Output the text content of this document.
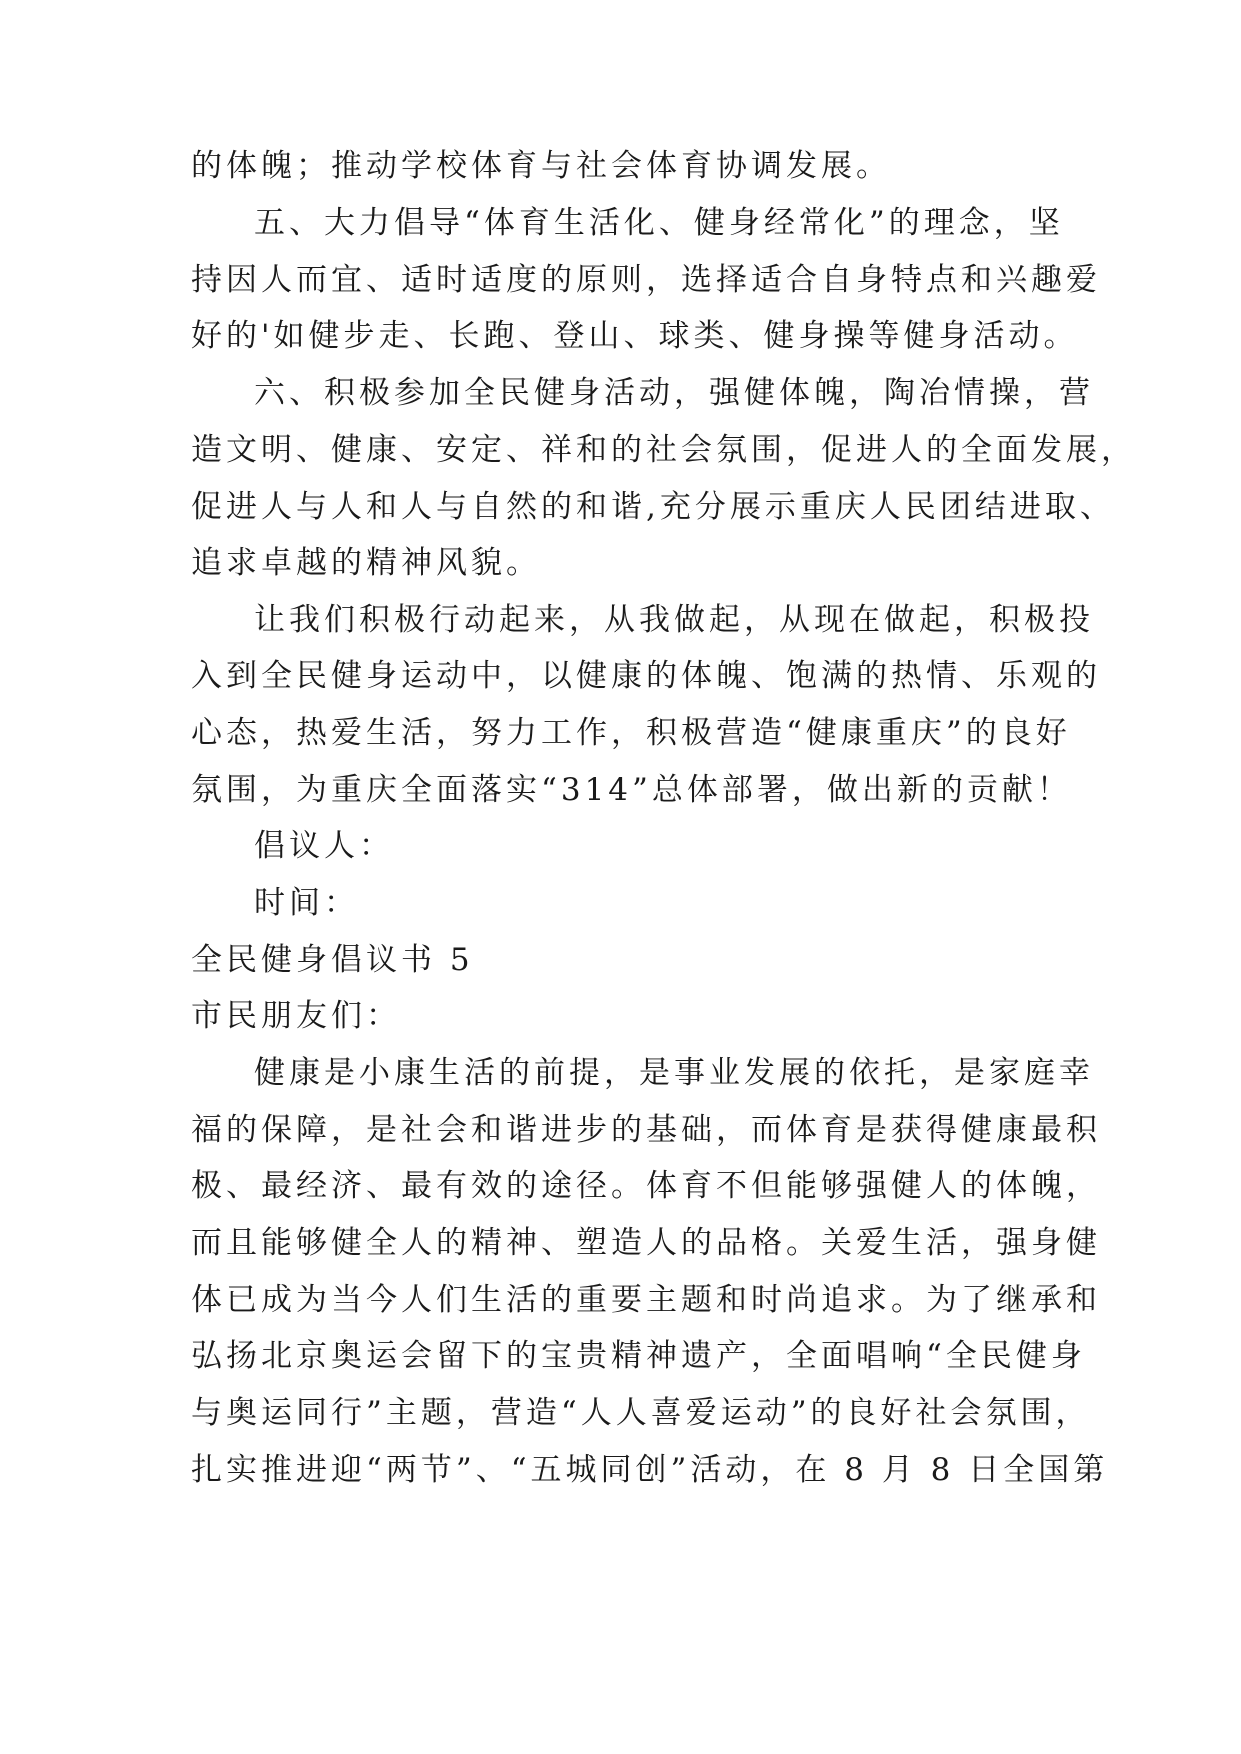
的体魄；推动学校体育与社会体育协调发展。
五、大力倡导“体育生活化、健身经常化”的理念，坚
持因人而宜、适时适度的原则，选择适合自身特点和兴趣爱
好的'如健步走、长跑、登山、球类、健身操等健身活动。
六、积极参加全民健身活动，强健体魄，陶冶情操，营
造文明、健康、安定、祥和的社会氛围，促进人的全面发展，
促进人与人和人与自然的和谐,充分展示重庆人民团结进取、
追求卓越的精神风貌。
让我们积极行动起来，从我做起，从现在做起，积极投
入到全民健身运动中，以健康的体魄、饱满的热情、乐观的
心态，热爱生活，努力工作，积极营造“健康重庆”的良好
氛围，为重庆全面落实“314”总体部署，做出新的贡献！
倡议人：
时间：
全民健身倡议书 5
市民朋友们：
健康是小康生活的前提，是事业发展的依托，是家庭幸
福的保障，是社会和谐进步的基础，而体育是获得健康最积
极、最经济、最有效的途径。体育不但能够强健人的体魄，
而且能够健全人的精神、塑造人的品格。关爱生活，强身健
体已成为当今人们生活的重要主题和时尚追求。为了继承和
弘扬北京奥运会留下的宝贵精神遗产，全面唱响“全民健身
与奥运同行”主题，营造“人人喜爱运动”的良好社会氛围，
扎实推进迎“两节”、“五城同创”活动，在 8 月 8 日全国第
